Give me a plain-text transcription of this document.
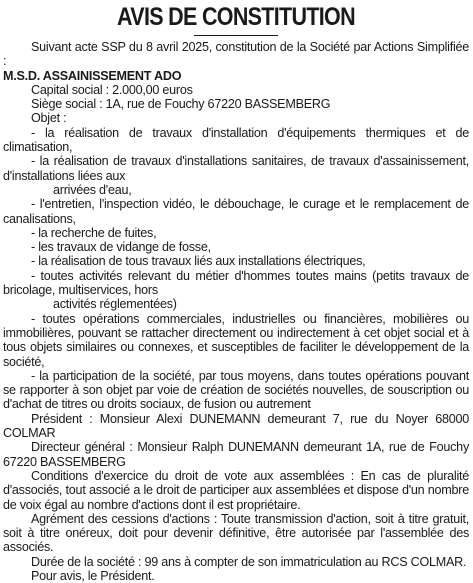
AVIS DE CONSTITUTION

Suivant acte SSP du 8 avril 2025, constitution de la Société par Actions Simplifiée :

M.S.D. ASSAINISSEMENT ADO

Capital social : 2.000,00 euros

Siège social : 1A, rue de Fouchy 67220 BASSEMBERG

Objet :

- la réalisation de travaux d'installation d'équipements thermiques et de climatisation,

- la réalisation de travaux d'installations sanitaires, de travaux d'assainissement, d'installations liées aux

arrivées d'eau,

- l'entretien, l'inspection vidéo, le débouchage, le curage et le remplacement de canalisations,

- la recherche de fuites,

- les travaux de vidange de fosse,

- la réalisation de tous travaux liés aux installations électriques,

- toutes activités relevant du métier d'hommes toutes mains (petits travaux de bricolage, multiservices, hors

activités réglementées)

- toutes opérations commerciales, industrielles ou financières, mobilières ou immobilières, pouvant se rattacher directement ou indirectement à cet objet social et à tous objets similaires ou connexes, et susceptibles de faciliter le développement de la société,

- la participation de la société, par tous moyens, dans toutes opérations pouvant se rapporter à son objet par voie de création de sociétés nouvelles, de souscription ou d'achat de titres ou droits sociaux, de fusion ou autrement

Président : Monsieur Alexi DUNEMANN demeurant 7, rue du Noyer 68000 COLMAR

Directeur général : Monsieur Ralph DUNEMANN demeurant 1A, rue de Fouchy 67220 BASSEMBERG

Conditions d'exercice du droit de vote aux assemblées : En cas de pluralité d'associés, tout associé a le droit de participer aux assemblées et dispose d'un nombre de voix égal au nombre d'actions dont il est propriétaire.

Agrément des cessions d'actions : Toute transmission d'action, soit à titre gratuit, soit à titre onéreux, doit pour devenir définitive, être autorisée par l'assemblée des associés.

Durée de la société : 99 ans à compter de son immatriculation au RCS COLMAR.

Pour avis, le Président.
